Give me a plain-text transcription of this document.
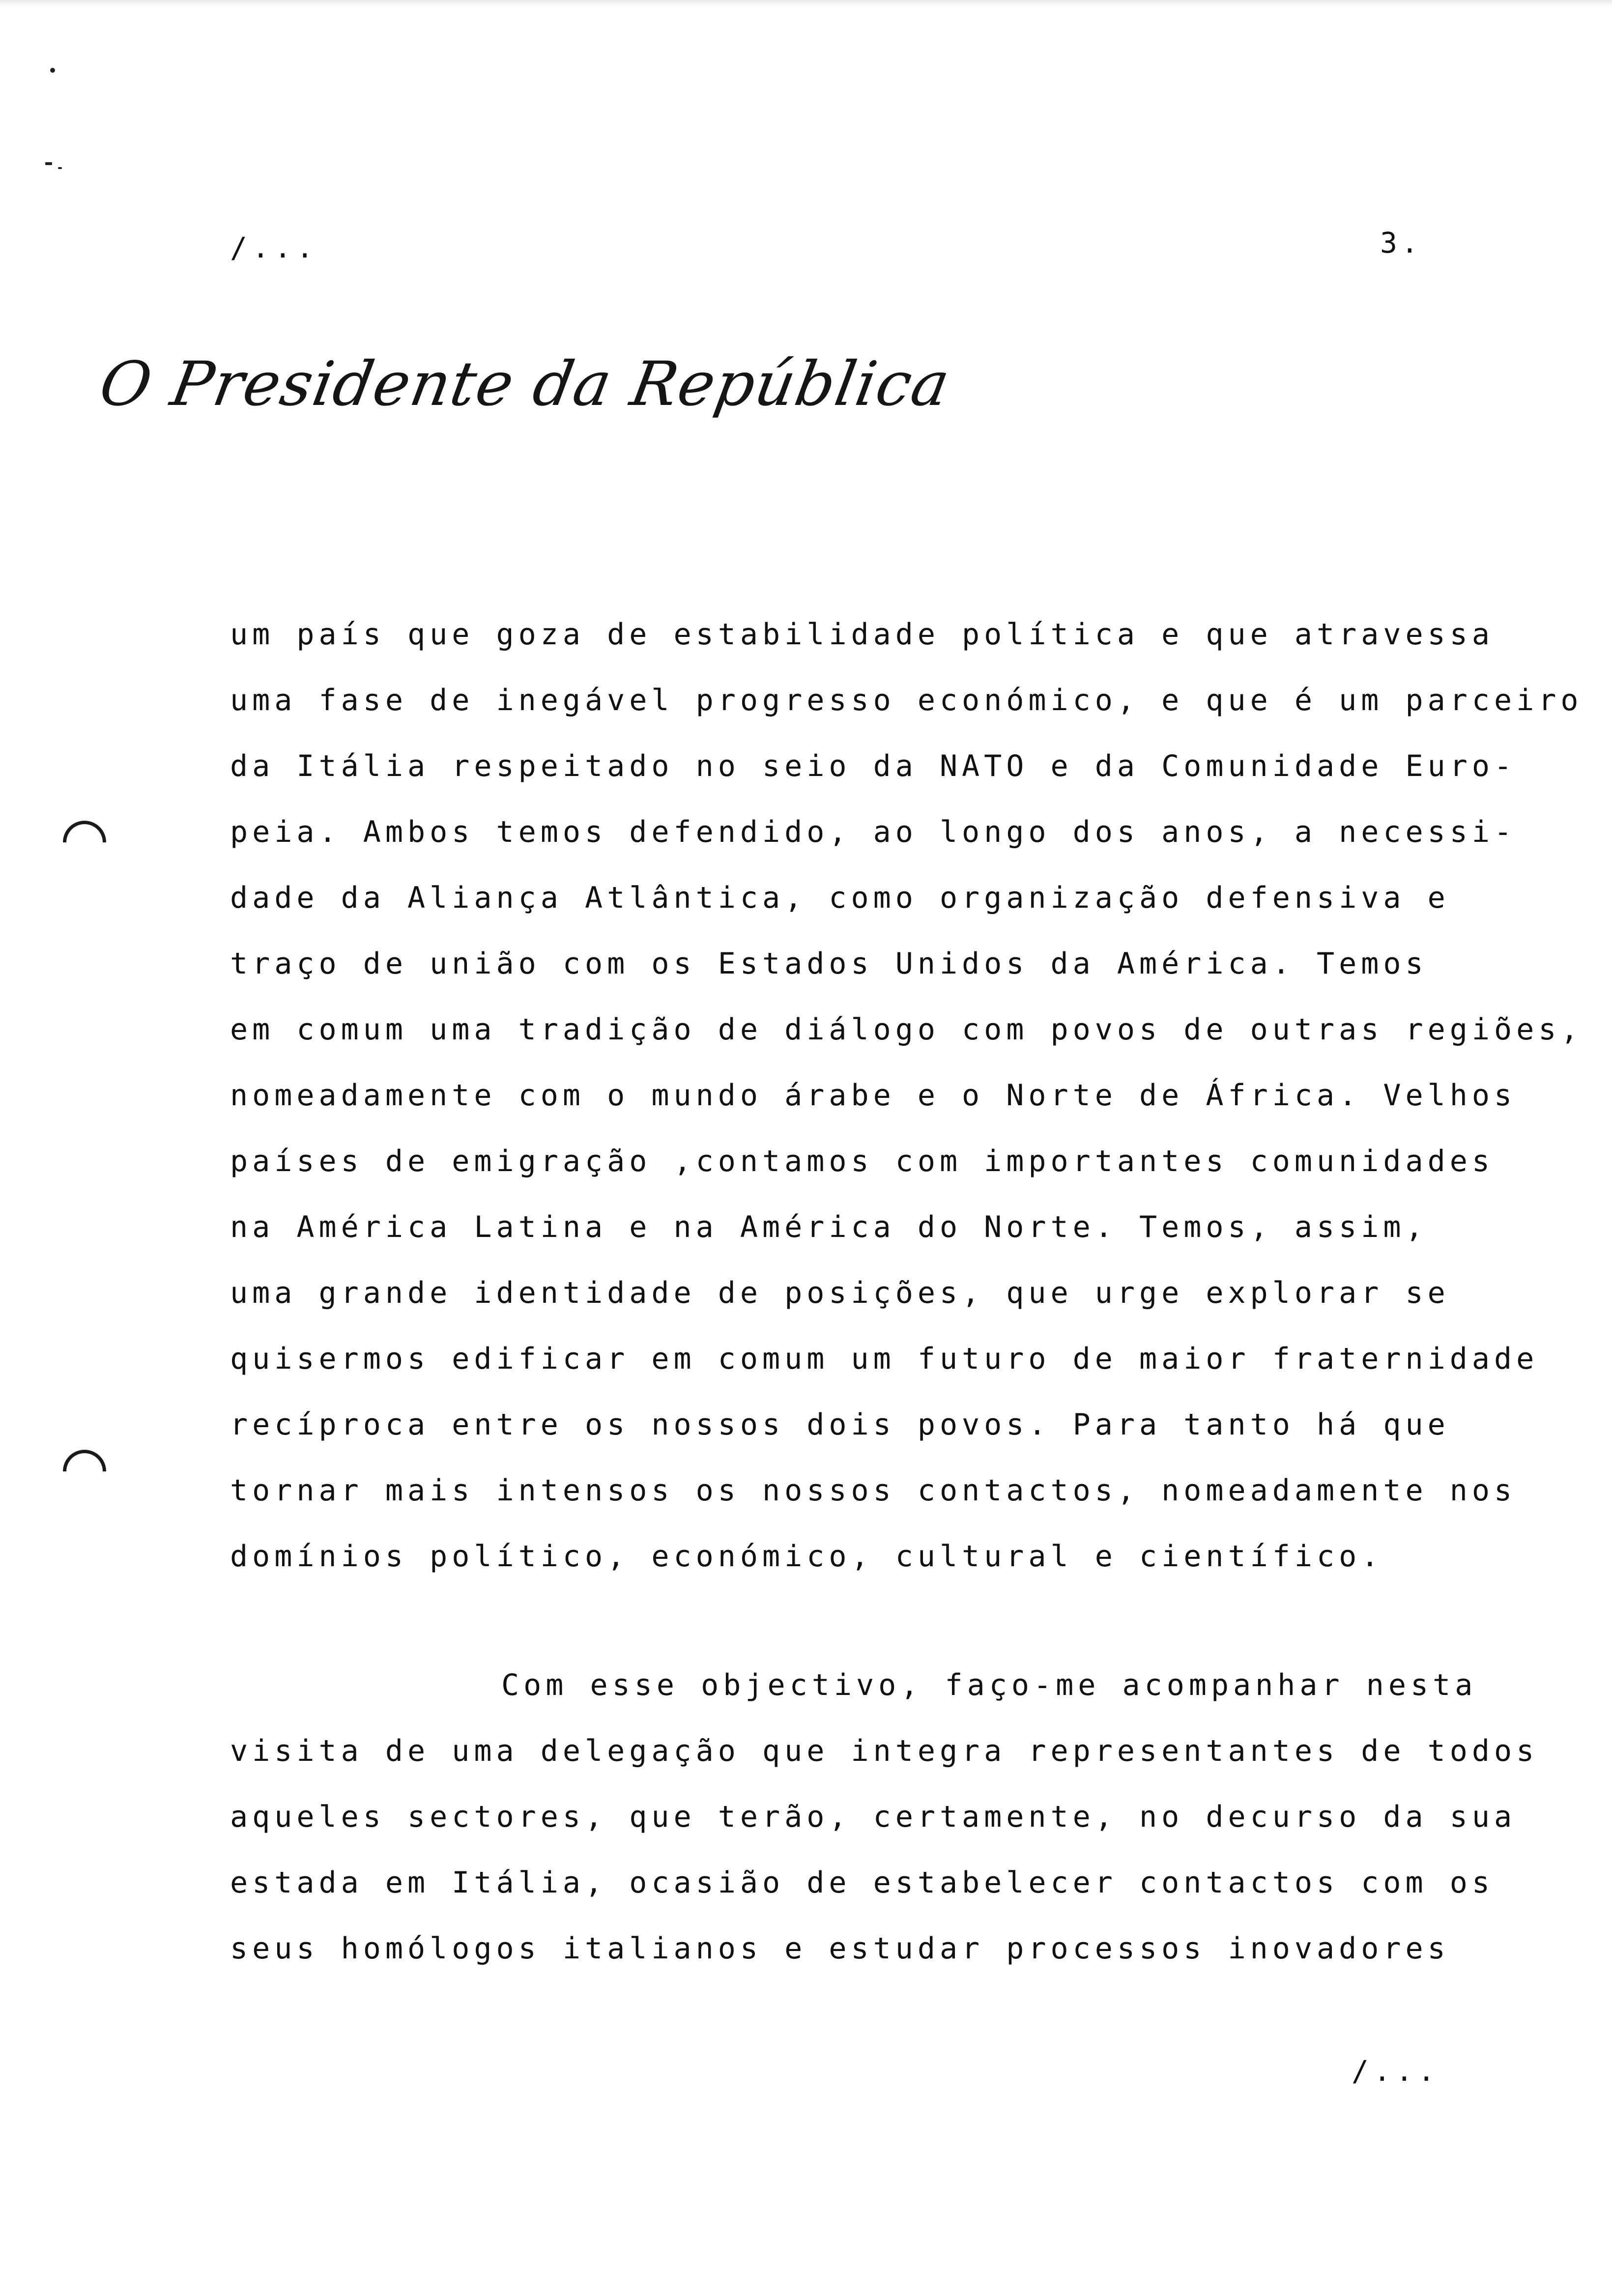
/...	3.
O Presidente da República
um país que goza de estabilidade política e que atravessa
uma fase de inegável progresso económico, e que é um parceiro
da Itália respeitado no seio da NATO e da Comunidade Euro-
peia. Ambos temos defendido, ao longo dos anos, a necessi-
dade da Aliança Atlântica, como organização defensiva e
traço de união com os Estados Unidos da América. Temos
em comum uma tradição de diálogo com povos de outras regiões,
nomeadamente com o mundo árabe e o Norte de África. Velhos
países de emigração ,contamos com importantes comunidades
na América Latina e na América do Norte. Temos, assim,
uma grande identidade de posições, que urge explorar se
quisermos edificar em comum um futuro de maior fraternidade
recíproca entre os nossos dois povos. Para tanto há que
tornar mais intensos os nossos contactos, nomeadamente nos
domínios político, económico, cultural e científico.
Com esse objectivo, faço-me acompanhar nesta
visita de uma delegação que integra representantes de todos
aqueles sectores, que terão, certamente, no decurso da sua
estada em Itália, ocasião de estabelecer contactos com os
seus homólogos italianos e estudar processos inovadores
/...
